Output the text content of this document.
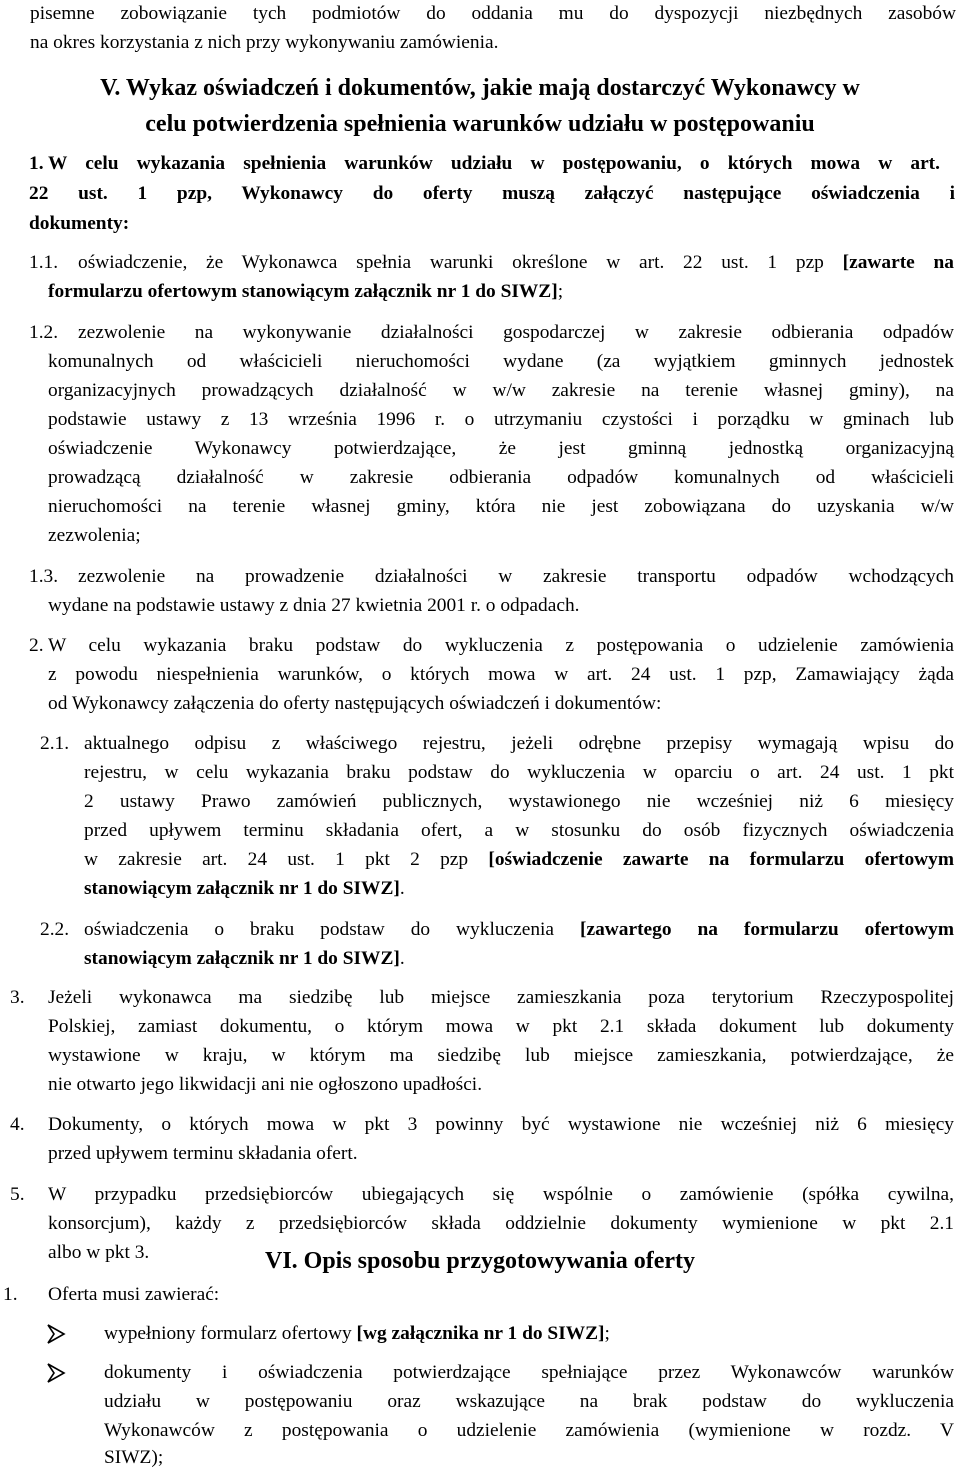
pisemne zobowiązanie tych podmiotów do oddania mu do dyspozycji niezbędnych zasobów
na okres korzystania z nich przy wykonywaniu zamówienia.
V. Wykaz oświadczeń i dokumentów, jakie mają dostarczyć Wykonawcy w
celu potwierdzenia spełnienia warunków udziału w postępowaniu
1. W celu wykazania spełnienia warunków udziału w postępowaniu, o których mowa w art.
22 ust. 1 pzp, Wykonawcy do oferty muszą załączyć następujące oświadczenia i
dokumenty:
1.1. oświadczenie, że Wykonawca spełnia warunki określone w art. 22 ust. 1 pzp [zawarte na
formularzu ofertowym stanowiącym załącznik nr 1 do SIWZ];
1.2. zezwolenie na wykonywanie działalności gospodarczej w zakresie odbierania odpadów
komunalnych od właścicieli nieruchomości wydane (za wyjątkiem gminnych jednostek
organizacyjnych prowadzących działalność w w/w zakresie na terenie własnej gminy), na
podstawie ustawy z 13 września 1996 r. o utrzymaniu czystości i porządku w gminach lub
oświadczenie Wykonawcy potwierdzające, że jest gminną jednostką organizacyjną
prowadzącą działalność w zakresie odbierania odpadów komunalnych od właścicieli
nieruchomości na terenie własnej gminy, która nie jest zobowiązana do uzyskania w/w
zezwolenia;
1.3. zezwolenie na prowadzenie działalności w zakresie transportu odpadów wchodzących
wydane na podstawie ustawy z dnia 27 kwietnia 2001 r. o odpadach.
2. W celu wykazania braku podstaw do wykluczenia z postępowania o udzielenie zamówienia
z powodu niespełnienia warunków, o których mowa w art. 24 ust. 1 pzp, Zamawiający żąda
od Wykonawcy załączenia do oferty następujących oświadczeń i dokumentów:
2.1. aktualnego odpisu z właściwego rejestru, jeżeli odrębne przepisy wymagają wpisu do
rejestru, w celu wykazania braku podstaw do wykluczenia w oparciu o art. 24 ust. 1 pkt
2 ustawy Prawo zamówień publicznych, wystawionego nie wcześniej niż 6 miesięcy
przed upływem terminu składania ofert, a w stosunku do osób fizycznych oświadczenia
w zakresie art. 24 ust. 1 pkt 2 pzp [oświadczenie zawarte na formularzu ofertowym
stanowiącym załącznik nr 1 do SIWZ].
2.2. oświadczenia o braku podstaw do wykluczenia [zawartego na formularzu ofertowym
stanowiącym załącznik nr 1 do SIWZ].
3. Jeżeli wykonawca ma siedzibę lub miejsce zamieszkania poza terytorium Rzeczypospolitej
Polskiej, zamiast dokumentu, o którym mowa w pkt 2.1 składa dokument lub dokumenty
wystawione w kraju, w którym ma siedzibę lub miejsce zamieszkania, potwierdzające, że
nie otwarto jego likwidacji ani nie ogłoszono upadłości.
4. Dokumenty, o których mowa w pkt 3 powinny być wystawione nie wcześniej niż 6 miesięcy
przed upływem terminu składania ofert.
5. W przypadku przedsiębiorców ubiegających się wspólnie o zamówienie (spółka cywilna,
konsorcjum), każdy z przedsiębiorców składa oddzielnie dokumenty wymienione w pkt 2.1
albo w pkt 3.	VI. Opis sposobu przygotowywania oferty
1. Oferta musi zawierać:
wypełniony formularz ofertowy [wg załącznika nr 1 do SIWZ];
dokumenty i oświadczenia potwierdzające spełniające przez Wykonawców warunków
udziału w postępowaniu oraz wskazujące na brak podstaw do wykluczenia
Wykonawców z postępowania o udzielenie zamówienia (wymienione w rozdz. V
SIWZ);
